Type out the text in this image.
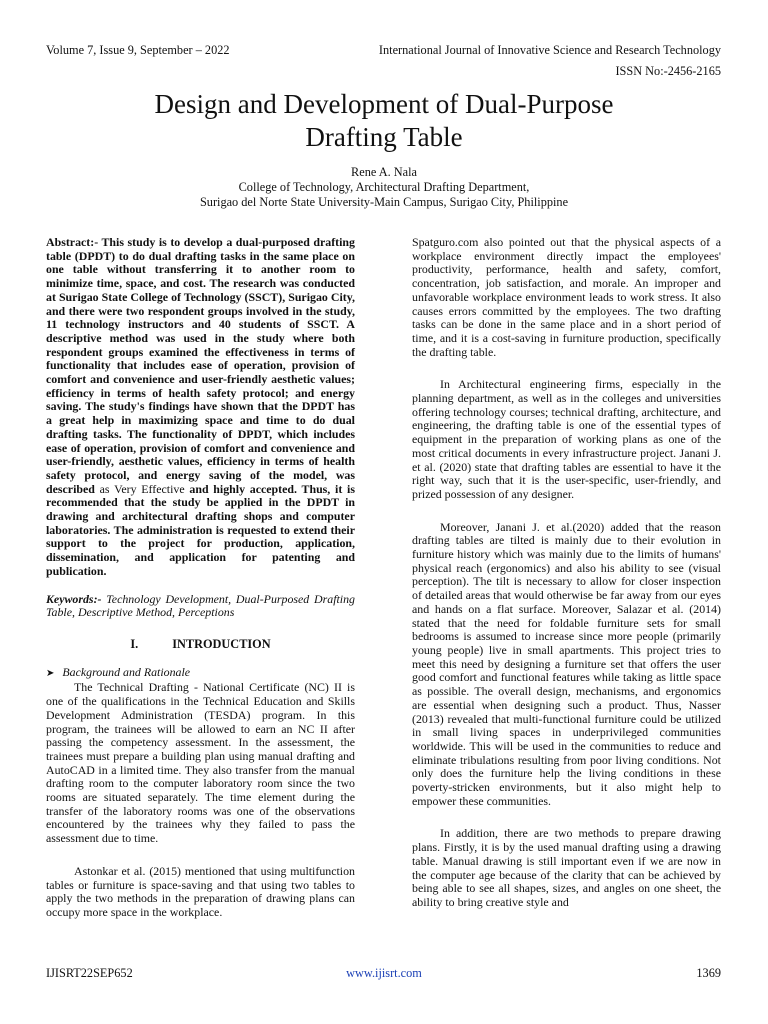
Volume 7, Issue 9, September – 2022	International Journal of Innovative Science and Research Technology
ISSN No:-2456-2165
Design and Development of Dual-Purpose
Drafting Table
Rene A. Nala
College of Technology, Architectural Drafting Department,
Surigao del Norte State University-Main Campus, Surigao City, Philippine

Abstract:- This study is to develop a dual-purposed drafting table (DPDT) to do dual drafting tasks in the same place on one table without transferring it to another room to minimize time, space, and cost. The research was conducted at Surigao State College of Technology (SSCT), Surigao City, and there were two respondent groups involved in the study, 11 technology instructors and 40 students of SSCT. A descriptive method was used in the study where both respondent groups examined the effectiveness in terms of functionality that includes ease of operation, provision of comfort and convenience and user-friendly aesthetic values; efficiency in terms of health safety protocol; and energy saving. The study's findings have shown that the DPDT has a great help in maximizing space and time to do dual drafting tasks. The functionality of DPDT, which includes ease of operation, provision of comfort and convenience and user-friendly, aesthetic values, efficiency in terms of health safety protocol, and energy saving of the model, was described as Very Effective and highly accepted. Thus, it is recommended that the study be applied in the DPDT in drawing and architectural drafting shops and computer laboratories. The administration is requested to extend their support to the project for production, application, dissemination, and application for patenting and publication.

Keywords:- Technology Development, Dual-Purposed Drafting Table, Descriptive Method, Perceptions

I.	INTRODUCTION
➤ Background and Rationale

The Technical Drafting - National Certificate (NC) II is one of the qualifications in the Technical Education and Skills Development Administration (TESDA) program. In this program, the trainees will be allowed to earn an NC II after passing the competency assessment. In the assessment, the trainees must prepare a building plan using manual drafting and AutoCAD in a limited time. They also transfer from the manual drafting room to the computer laboratory room since the two rooms are situated separately. The time element during the transfer of the laboratory rooms was one of the observations encountered by the trainees why they failed to pass the assessment due to time.

Astonkar et al. (2015) mentioned that using multifunction tables or furniture is space-saving and that using two tables to apply the two methods in the preparation of drawing plans can occupy more space in the workplace.

Spatguro.com also pointed out that the physical aspects of a workplace environment directly impact the employees' productivity, performance, health and safety, comfort, concentration, job satisfaction, and morale. An improper and unfavorable workplace environment leads to work stress. It also causes errors committed by the employees. The two drafting tasks can be done in the same place and in a short period of time, and it is a cost-saving in furniture production, specifically the drafting table.

In Architectural engineering firms, especially in the planning department, as well as in the colleges and universities offering technology courses; technical drafting, architecture, and engineering, the drafting table is one of the essential types of equipment in the preparation of working plans as one of the most critical documents in every infrastructure project. Janani J. et al. (2020) state that drafting tables are essential to have it the right way, such that it is the user-specific, user-friendly, and prized possession of any designer.

Moreover, Janani J. et al.(2020) added that the reason drafting tables are tilted is mainly due to their evolution in furniture history which was mainly due to the limits of humans' physical reach (ergonomics) and also his ability to see (visual perception). The tilt is necessary to allow for closer inspection of detailed areas that would otherwise be far away from our eyes and hands on a flat surface. Moreover, Salazar et al. (2014) stated that the need for foldable furniture sets for small bedrooms is assumed to increase since more people (primarily young people) live in small apartments. This project tries to meet this need by designing a furniture set that offers the user good comfort and functional features while taking as little space as possible. The overall design, mechanisms, and ergonomics are essential when designing such a product. Thus, Nasser (2013) revealed that multi-functional furniture could be utilized in small living spaces in underprivileged communities worldwide. This will be used in the communities to reduce and eliminate tribulations resulting from poor living conditions. Not only does the furniture help the living conditions in these poverty-stricken environments, but it also might help to empower these communities.

In addition, there are two methods to prepare drawing plans. Firstly, it is by the used manual drafting using a drawing table. Manual drawing is still important even if we are now in the computer age because of the clarity that can be achieved by being able to see all shapes, sizes, and angles on one sheet, the ability to bring creative style and

IJISRT22SEP652	www.ijisrt.com	1369
